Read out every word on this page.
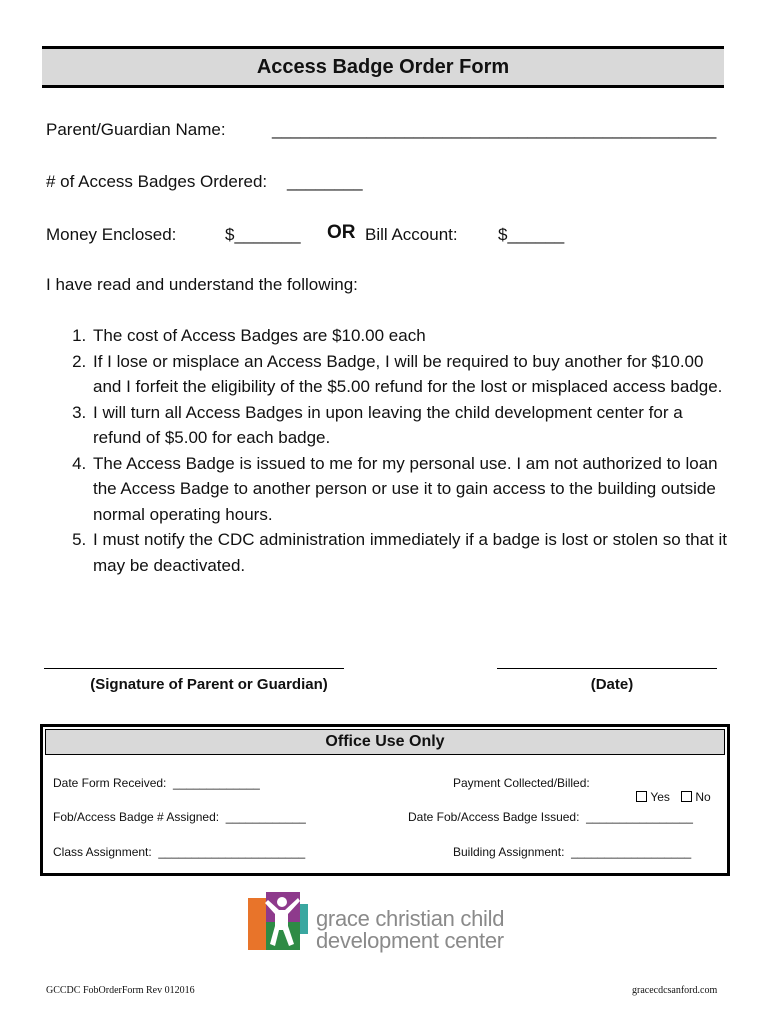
Access Badge Order Form
Parent/Guardian Name:	_______________________________________________
# of Access Badges Ordered: ________
Money Enclosed:	$_______ OR Bill Account: $______
I have read and understand the following:
1. The cost of Access Badges are $10.00 each
2. If I lose or misplace an Access Badge, I will be required to buy another for $10.00 and I forfeit the eligibility of the $5.00 refund for the lost or misplaced access badge.
3. I will turn all Access Badges in upon leaving the child development center for a refund of $5.00 for each badge.
4. The Access Badge is issued to me for my personal use. I am not authorized to loan the Access Badge to another person or use it to gain access to the building outside normal operating hours.
5. I must notify the CDC administration immediately if a badge is lost or stolen so that it may be deactivated.
(Signature of Parent or Guardian)	(Date)
Office Use Only
Date Form Received:  _____________	Payment Collected/Billed:

Yes
	No

Fob/Access Badge # Assigned:  ____________	Date Fob/Access Badge Issued:  ________________
Class Assignment:  ______________________	Building Assignment:  __________________
grace christian child
development center
GCCDC FobOrderForm Rev 012016	gracecdcsanford.com
